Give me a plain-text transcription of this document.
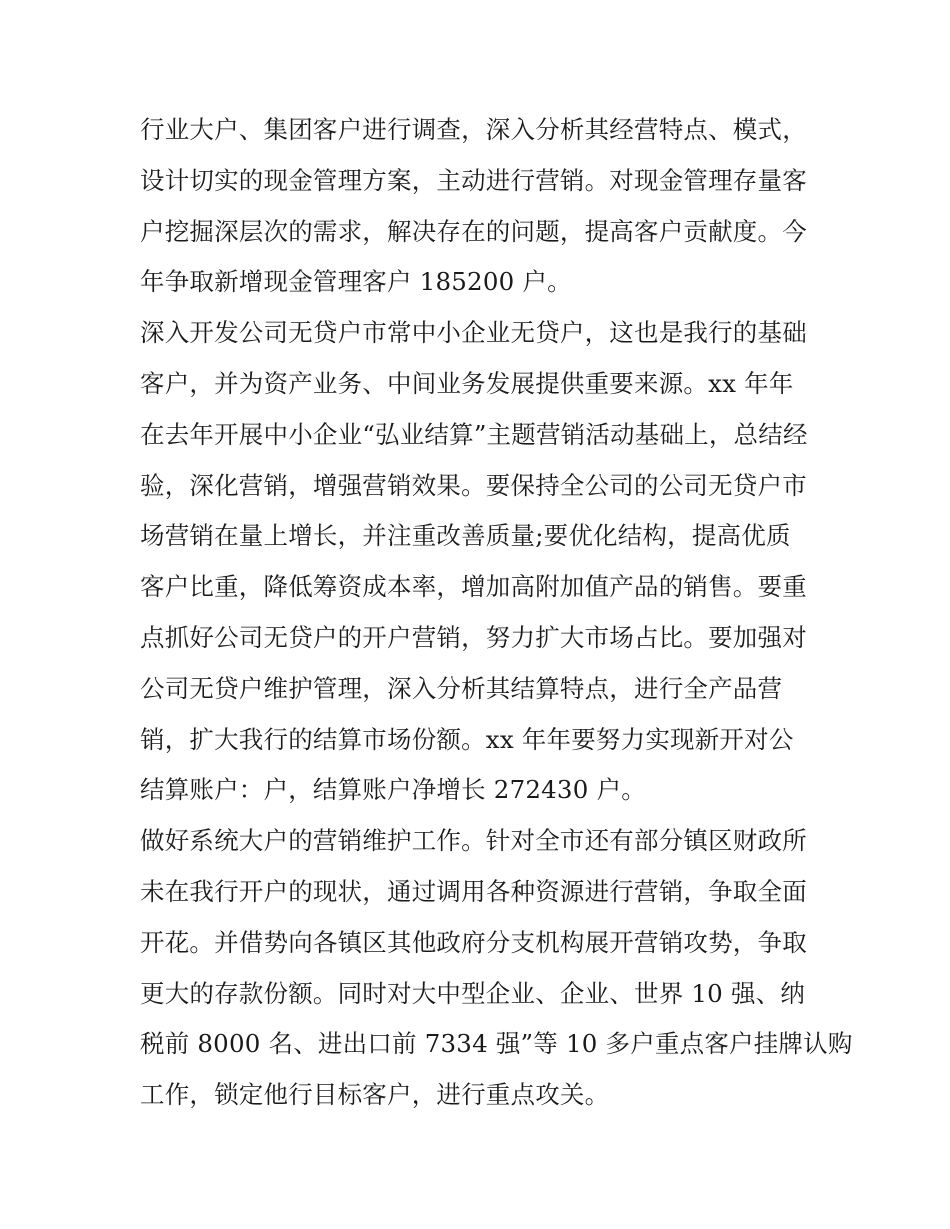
行业大户、集团客户进行调查，深入分析其经营特点、模式，
设计切实的现金管理方案，主动进行营销。对现金管理存量客
户挖掘深层次的需求，解决存在的问题，提高客户贡献度。今
年争取新增现金管理客户 185200 户。
深入开发公司无贷户市常中小企业无贷户，这也是我行的基础
客户，并为资产业务、中间业务发展提供重要来源。xx 年年
在去年开展中小企业“弘业结算”主题营销活动基础上，总结经
验，深化营销，增强营销效果。要保持全公司的公司无贷户市
场营销在量上增长，并注重改善质量;要优化结构，提高优质
客户比重，降低筹资成本率，增加高附加值产品的销售。要重
点抓好公司无贷户的开户营销，努力扩大市场占比。要加强对
公司无贷户维护管理，深入分析其结算特点，进行全产品营
销，扩大我行的结算市场份额。xx 年年要努力实现新开对公
结算账户：户，结算账户净增长 272430 户。
做好系统大户的营销维护工作。针对全市还有部分镇区财政所
未在我行开户的现状，通过调用各种资源进行营销，争取全面
开花。并借势向各镇区其他政府分支机构展开营销攻势，争取
更大的存款份额。同时对大中型企业、企业、世界 10 强、纳
税前 8000 名、进出口前 7334 强”等 10 多户重点客户挂牌认购
工作，锁定他行目标客户，进行重点攻关。
